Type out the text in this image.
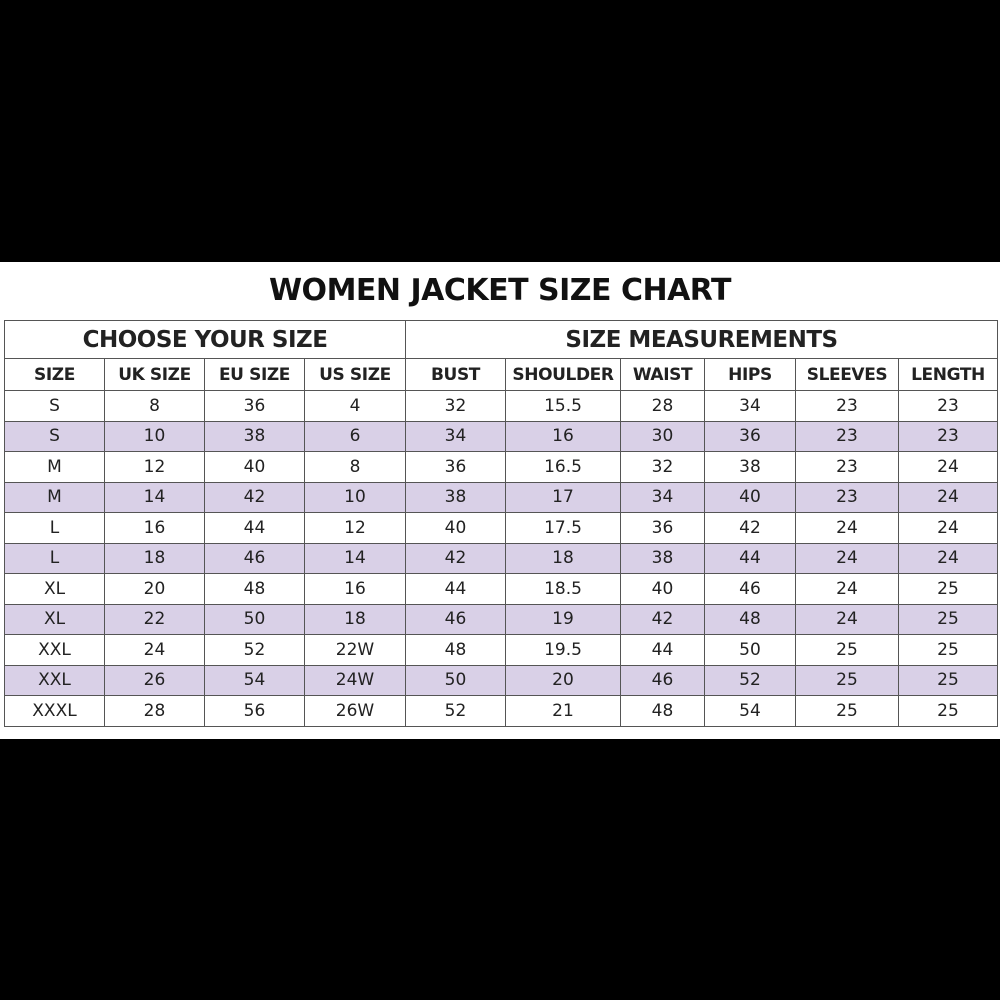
WOMEN JACKET SIZE CHART
CHOOSE YOUR SIZE				SIZE MEASUREMENTS					
SIZE	UK SIZE	EU SIZE	US SIZE	BUST	SHOULDER	WAIST	HIPS	SLEEVES	LENGTH
S	8	36	4	32	15.5	28	34	23	23
S	10	38	6	34	16	30	36	23	23
M	12	40	8	36	16.5	32	38	23	24
M	14	42	10	38	17	34	40	23	24
L	16	44	12	40	17.5	36	42	24	24
L	18	46	14	42	18	38	44	24	24
XL	20	48	16	44	18.5	40	46	24	25
XL	22	50	18	46	19	42	48	24	25
XXL	24	52	22W	48	19.5	44	50	25	25
XXL	26	54	24W	50	20	46	52	25	25
XXXL	28	56	26W	52	21	48	54	25	25
